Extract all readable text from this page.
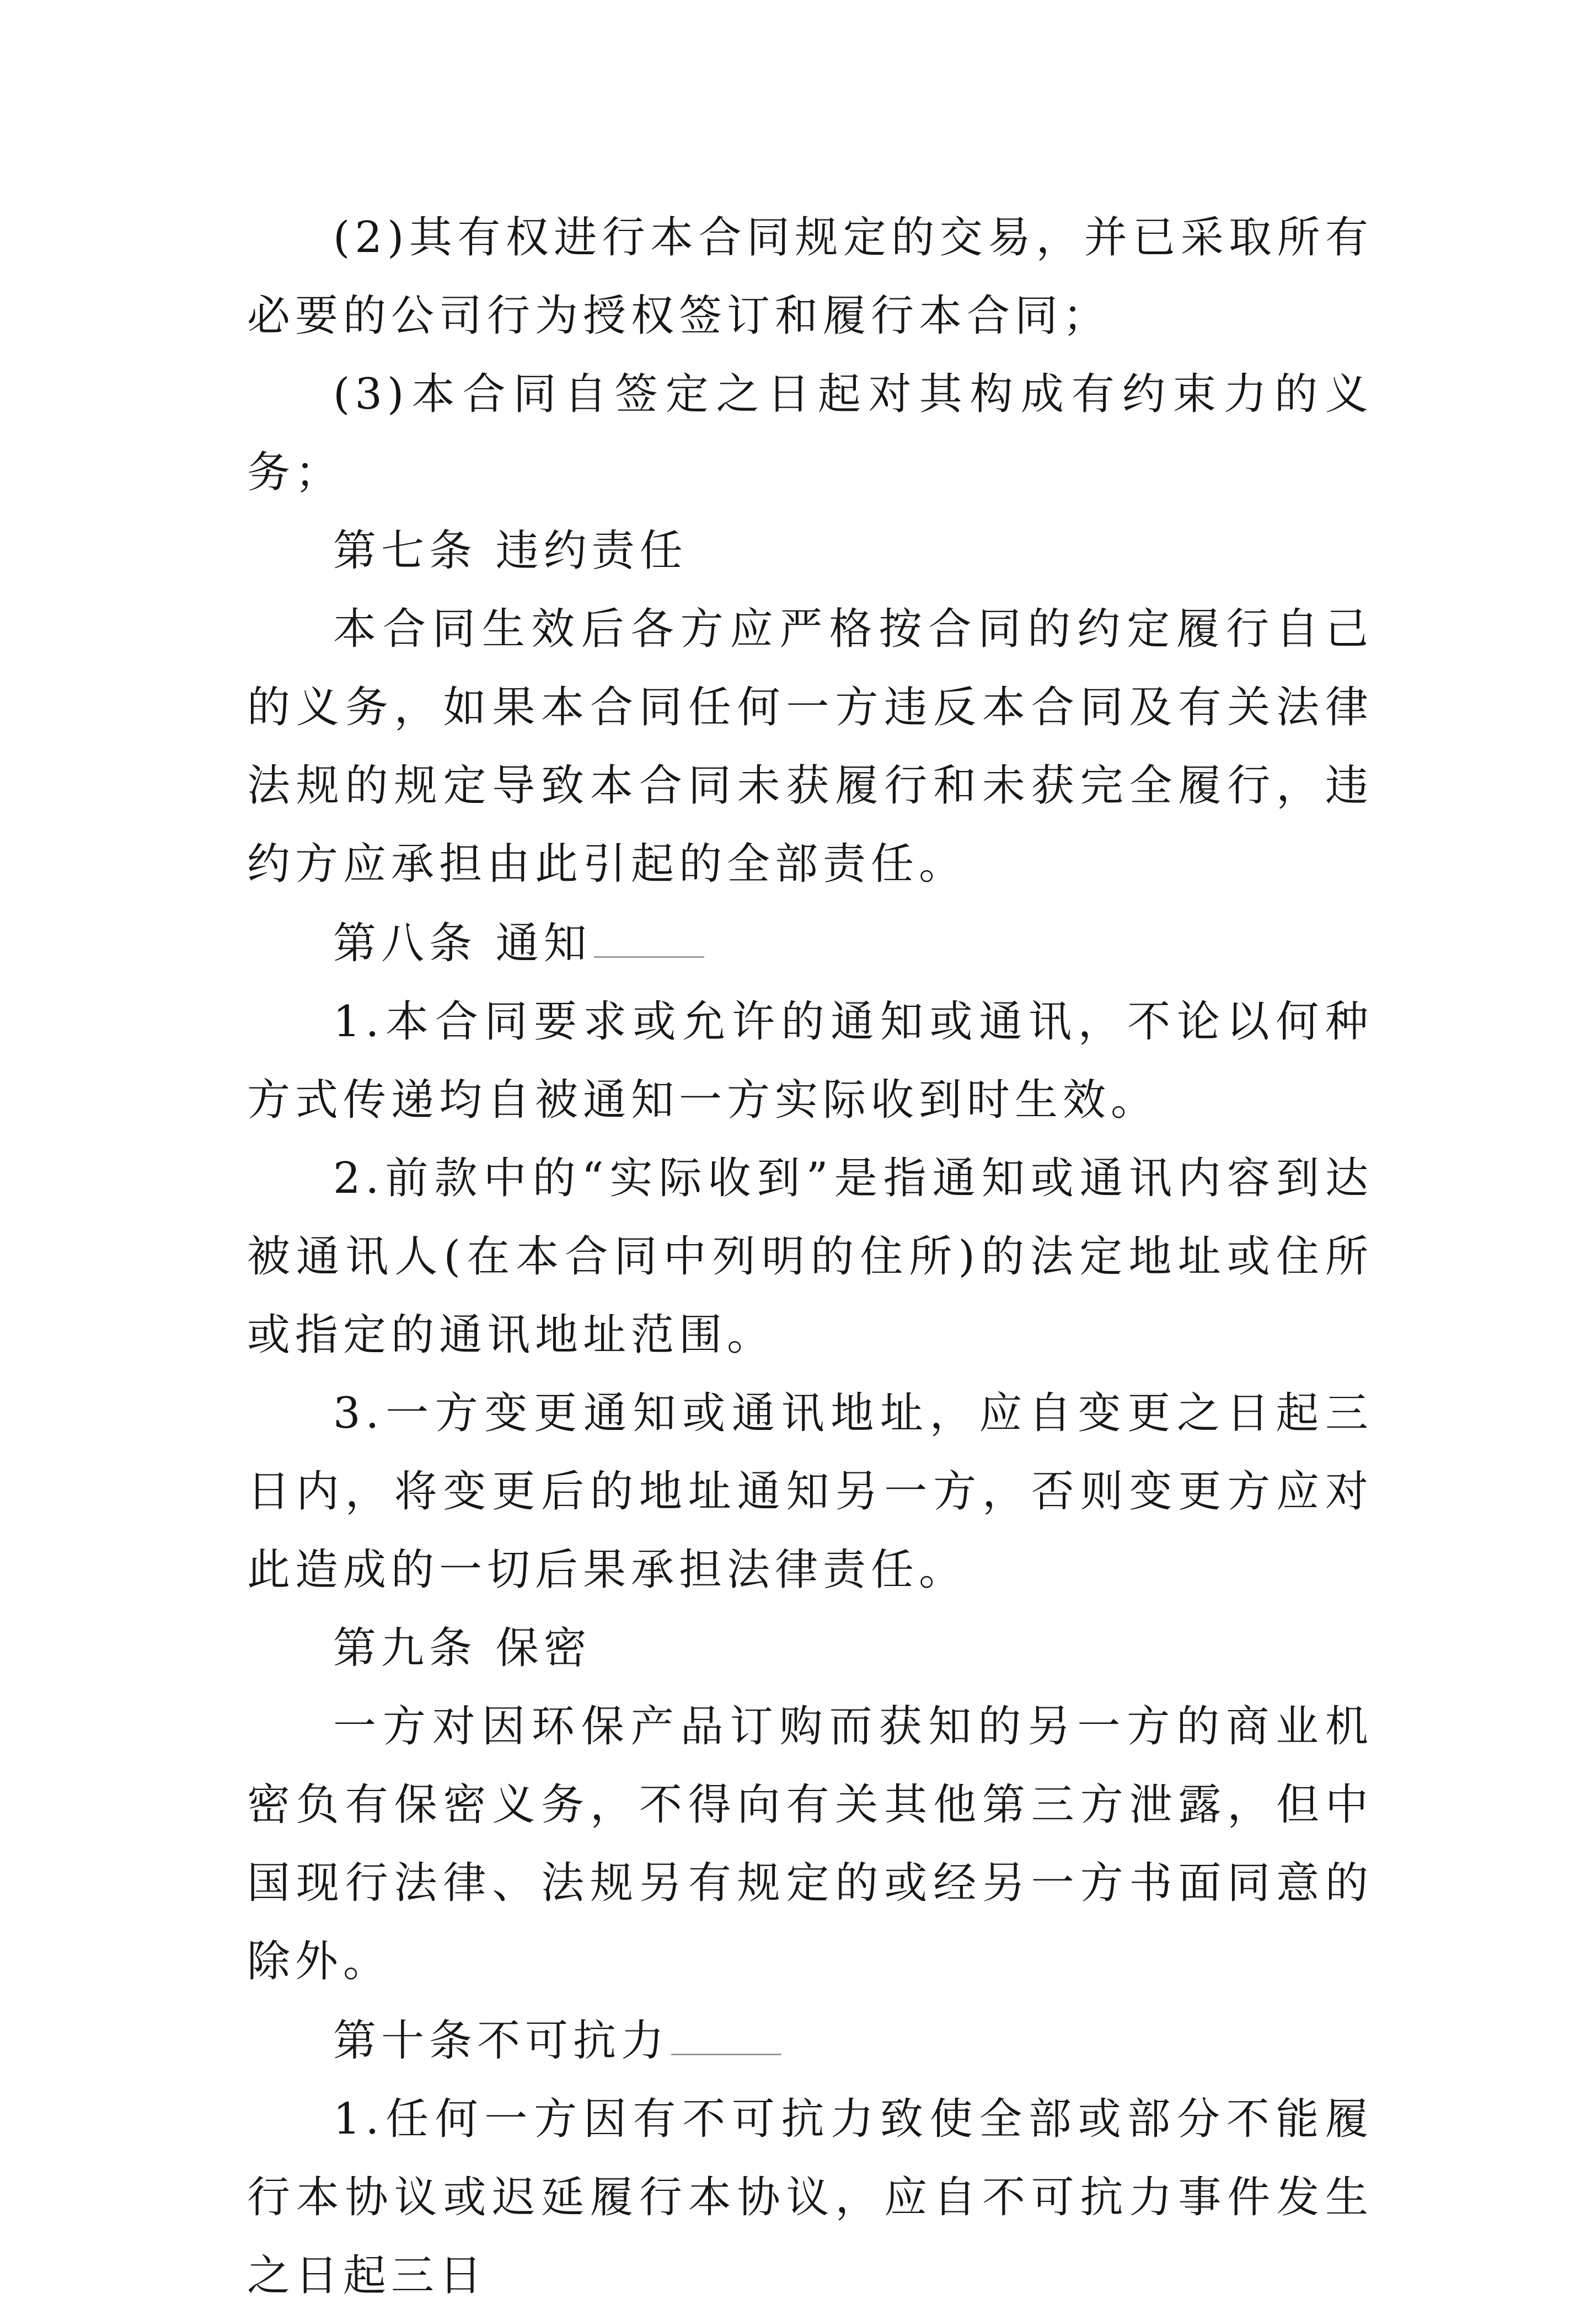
(2)其有权进行本合同规定的交易，并已采取所有必要的公司行为授权签订和履行本合同；

(3)本合同自签定之日起对其构成有约束力的义务；

第七条 违约责任

本合同生效后各方应严格按合同的约定履行自己的义务，如果本合同任何一方违反本合同及有关法律法规的规定导致本合同未获履行和未获完全履行，违约方应承担由此引起的全部责任。

第八条 通知

1.本合同要求或允许的通知或通讯，不论以何种方式传递均自被通知一方实际收到时生效。

2.前款中的“实际收到”是指通知或通讯内容到达被通讯人(在本合同中列明的住所)的法定地址或住所或指定的通讯地址范围。

3.一方变更通知或通讯地址，应自变更之日起三日内，将变更后的地址通知另一方，否则变更方应对此造成的一切后果承担法律责任。

第九条 保密

一方对因环保产品订购而获知的另一方的商业机密负有保密义务，不得向有关其他第三方泄露，但中国现行法律、法规另有规定的或经另一方书面同意的除外。

第十条不可抗力

1.任何一方因有不可抗力致使全部或部分不能履行本协议或迟延履行本协议，应自不可抗力事件发生之日起三日
